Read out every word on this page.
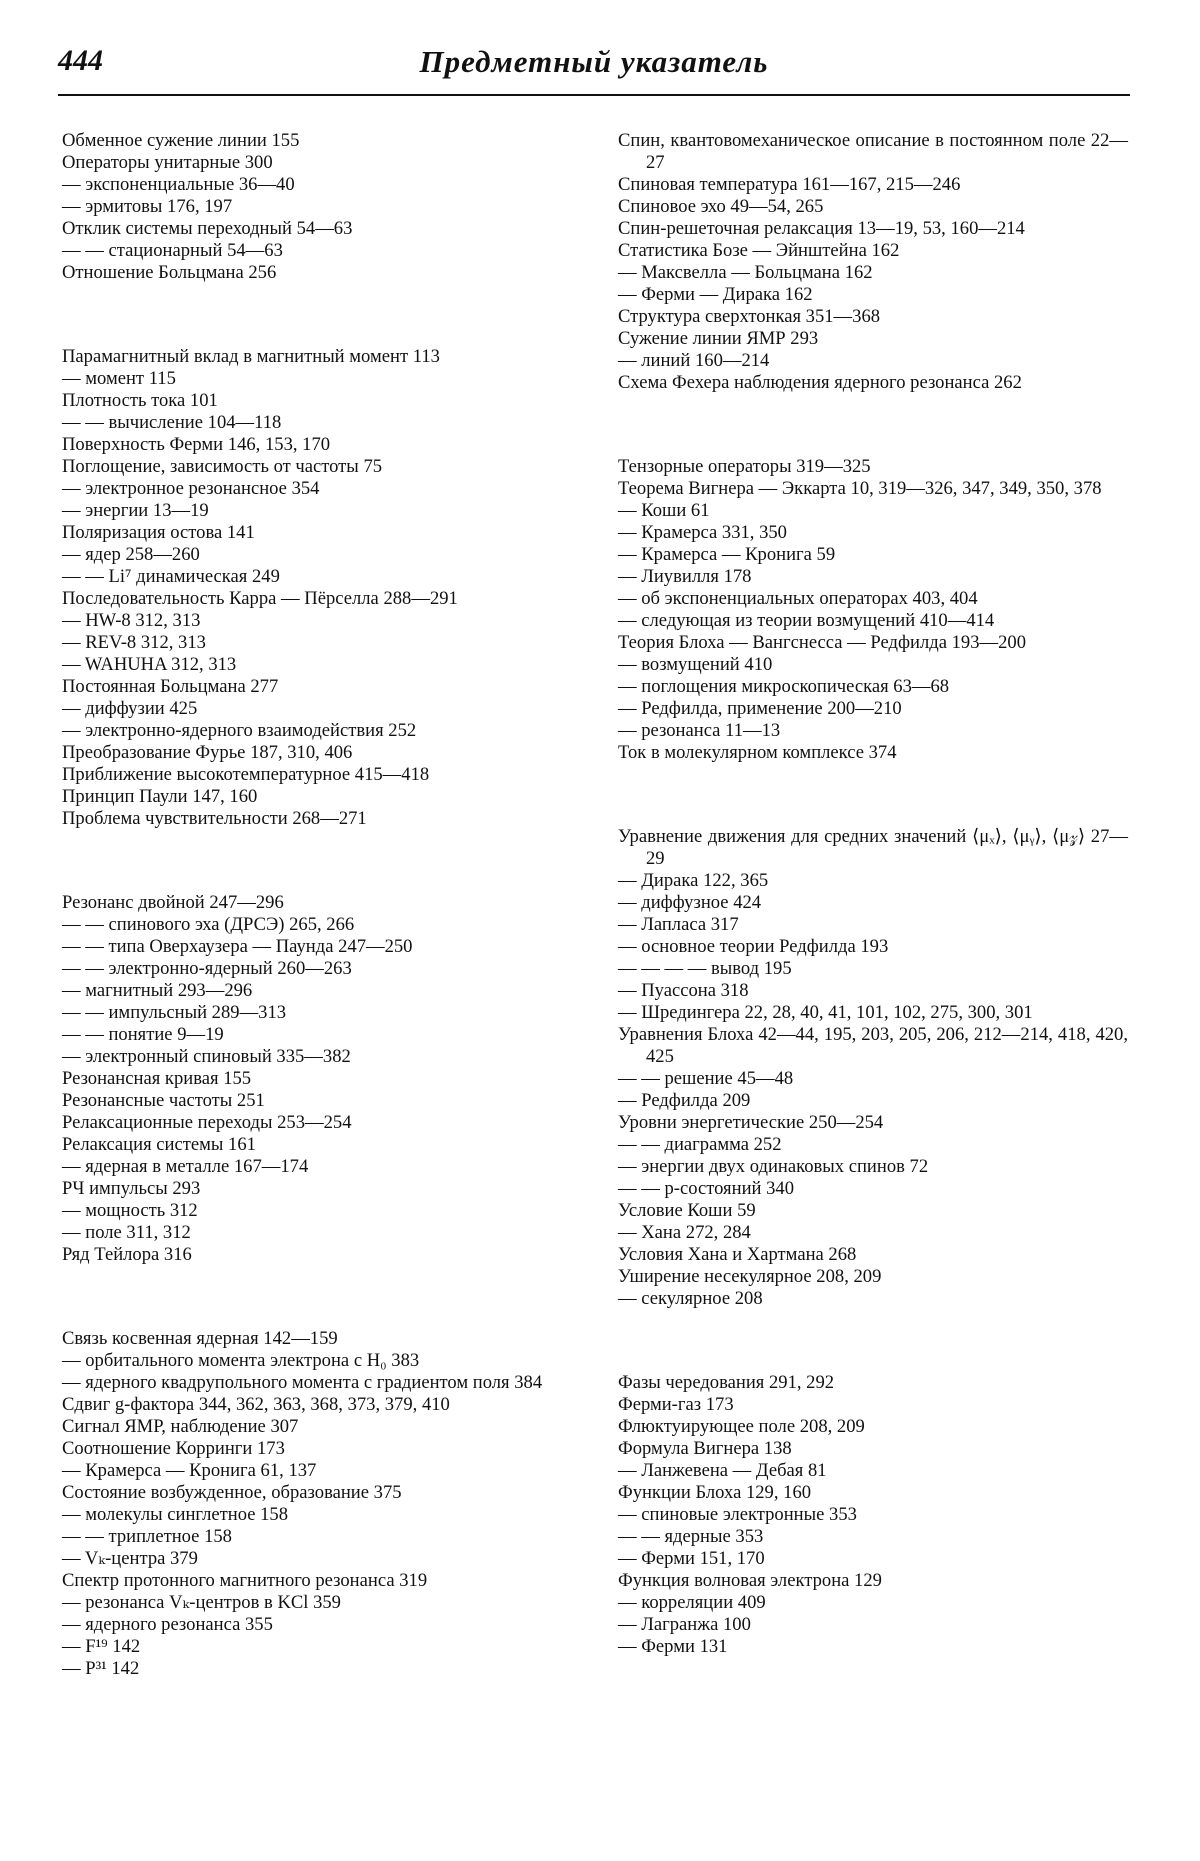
444	Предметный указатель

Обменное сужение линии 155

Операторы унитарные 300

— экспоненциальные 36—40

— эрмитовы 176, 197

Отклик системы переходный 54—63

— — стационарный 54—63

Отношение Больцмана 256

Парамагнитный вклад в магнитный момент 113

— момент 115

Плотность тока 101

— — вычисление 104—118

Поверхность Ферми 146, 153, 170

Поглощение, зависимость от частоты 75

— электронное резонансное 354

— энергии 13—19

Поляризация остова 141

— ядер 258—260

— — Li⁷ динамическая 249

Последовательность Карра — Пёрселла 288—291

— HW-8 312, 313

— REV-8 312, 313

— WAHUHA 312, 313

Постоянная Больцмана 277

— диффузии 425

— электронно-ядерного взаимодействия 252

Преобразование Фурье 187, 310, 406

Приближение высокотемпературное 415—418

Принцип Паули 147, 160

Проблема чувствительности 268—271

Резонанс двойной 247—296

— — спинового эха (ДРСЭ) 265, 266

— — типа Оверхаузера — Паунда 247—250

— — электронно-ядерный 260—263

— магнитный 293—296

— — импульсный 289—313

— — понятие 9—19

— электронный спиновый 335—382

Резонансная кривая 155

Резонансные частоты 251

Релаксационные переходы 253—254

Релаксация системы 161

— ядерная в металле 167—174

РЧ импульсы 293

— мощность 312

— поле 311, 312

Ряд Тейлора 316

Связь косвенная ядерная 142—159

— орбитального момента электрона с H₀ 383

— ядерного квадрупольного момента с градиентом поля 384

Сдвиг g-фактора 344, 362, 363, 368, 373, 379, 410

Сигнал ЯМР, наблюдение 307

Соотношение Корринги 173

— Крамерса — Кронига 61, 137

Состояние возбужденное, образование 375

— молекулы синглетное 158

— — триплетное 158

— Vₖ-центра 379

Спектр протонного магнитного резонанса 319

— резонанса Vₖ-центров в KCl 359

— ядерного резонанса 355

— F¹⁹ 142

— P³¹ 142

Спин, квантовомеханическое описание в постоянном поле 22—27

Спиновая температура 161—167, 215—246

Спиновое эхо 49—54, 265

Спин-решеточная релаксация 13—19, 53, 160—214

Статистика Бозе — Эйнштейна 162

— Максвелла — Больцмана 162

— Ферми — Дирака 162

Структура сверхтонкая 351—368

Сужение линии ЯМР 293

— линий 160—214

Схема Фехера наблюдения ядерного резонанса 262

Тензорные операторы 319—325

Теорема Вигнера — Эккарта 10, 319—326, 347, 349, 350, 378

— Коши 61

— Крамерса 331, 350

— Крамерса — Кронига 59

— Лиувилля 178

— об экспоненциальных операторах 403, 404

— следующая из теории возмущений 410—414

Теория Блоха — Вангснесса — Редфилда 193—200

— возмущений 410

— поглощения микроскопическая 63—68

— Редфилда, применение 200—210

— резонанса 11—13

Ток в молекулярном комплексе 374

Уравнение движения для средних значений ⟨μₓ⟩, ⟨μᵧ⟩, ⟨μ𝓏⟩ 27—29

— Дирака 122, 365

— диффузное 424

— Лапласа 317

— основное теории Редфилда 193

— — — — вывод 195

— Пуассона 318

— Шредингера 22, 28, 40, 41, 101, 102, 275, 300, 301

Уравнения Блоха 42—44, 195, 203, 205, 206, 212—214, 418, 420, 425

— — решение 45—48

— Редфилда 209

Уровни энергетические 250—254

— — диаграмма 252

— энергии двух одинаковых спинов 72

— — p-состояний 340

Условие Коши 59

— Хана 272, 284

Условия Хана и Хартмана 268

Уширение несекулярное 208, 209

— секулярное 208

Фазы чередования 291, 292

Ферми-газ 173

Флюктуирующее поле 208, 209

Формула Вигнера 138

— Ланжевена — Дебая 81

Функции Блоха 129, 160

— спиновые электронные 353

— — ядерные 353

— Ферми 151, 170

Функция волновая электрона 129

— корреляции 409

— Лагранжа 100

— Ферми 131
